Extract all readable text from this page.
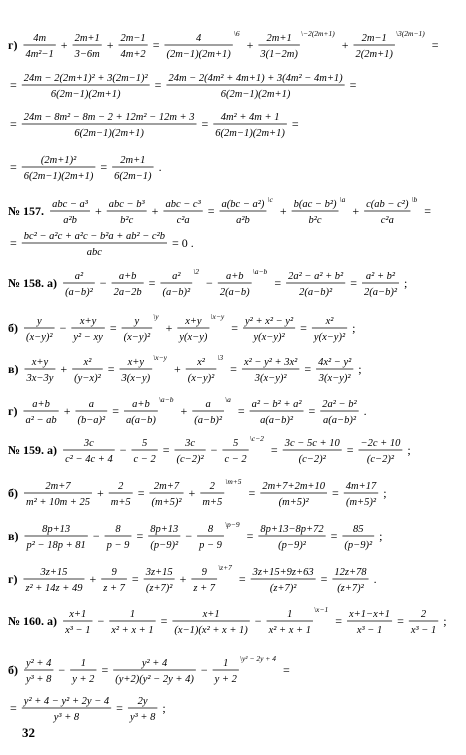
г) 4m
4m²−1
+ 2m+1
3−6m
+ 2m−1
4m+2
=	4
(2m−1)(2m+1)
\6
+ 2m+1
3(1−2m)
\−2(2m+1)
+ 2m−1
2(2m+1)
\3(2m−1)
=
= 24m − 2(2m+1)² + 3(2m−1)²
6(2m−1)(2m+1)
= 24m − 2(4m² + 4m+1) + 3(4m² − 4m+1)
6(2m−1)(2m+1)
=
= 24m − 8m² − 8m − 2 + 12m² − 12m + 3
6(2m−1)(2m+1)
= 4m² + 4m + 1
6(2m−1)(2m+1)
=
= (2m+1)²
6(2m−1)(2m+1)
= 2m+1
6(2m−1)
.
№ 157. abc − a³
a²b
+ abc − b³
b²c
+ abc − c³
c²a
= a(bc − a²)
a²b
\c
+ b(ac − b²)
b²c
\a
+ c(ab − c²)
c²a
\b
=
= bc² − a²c + a²c − b²a + ab² − c²b
abc
= 0 .
№ 158. а) a²
(a−b)²
− a+b
2a−2b
= a²
(a−b)²
\2
− a+b
2(a−b)
\a−b
= 2a² − a² + b²
2(a−b)²
= a² + b²
2(a−b)²
;
б) y
(x−y)²
− x+y
y² − xy
= y
(x−y)²
\y
+ x+y
y(x−y)
\x−y
= y² + x² − y²
y(x−y)²
= x²
y(x−y)²
;
в) x+y
3x−3y
+ x²
(y−x)²
= x+y
3(x−y)
\x−y
+ x²
(x−y)²
\3
= x² − y² + 3x²
3(x−y)²
= 4x² − y²
3(x−y)²
;
г) a+b
a² − ab
+ a
(b−a)²
= a+b
a(a−b)
\a−b
+ a
(a−b)²
\a
= a² − b² + a²
a(a−b)²
= 2a² − b²
a(a−b)²
.
№ 159. а)	3c
c² − 4c + 4
− 5
c − 2
= 3c
(c−2)²
− 5
c − 2
\c−2
= 3c − 5c + 10
(c−2)²
= −2c + 10
(c−2)²
;
б)	2m+7
m² + 10m + 25
+ 2
m+5
= 2m+7
(m+5)²
+ 2
m+5
\m+5
= 2m+7+2m+10
(m+5)²
= 4m+17
(m+5)²
;
в) 8p+13
p² − 18p + 81
− 8
p − 9
= 8p+13
(p−9)²
− 8
p − 9
\p−9
= 8p+13−8p+72
(p−9)²
= 85
(p−9)²
;
г) 3z+15
z² + 14z + 49
+ 9
z + 7
= 3z+15
(z+7)²
+ 9
z + 7
\z+7
= 3z+15+9z+63
(z+7)²
= 12z+78
(z+7)²
.
№ 160. а) x+1
x³ − 1
− 1
x² + x + 1
=	x+1
(x−1)(x² + x + 1)
− 1
x² + x + 1
\x−1
= x+1−x+1
x³ − 1
= 2
x³ − 1
;
б) y² + 4
y³ + 8
− 1
y + 2
=	y² + 4
(y+2)(y² − 2y + 4)
− 1
y + 2
\y² − 2y + 4
=
= y² + 4 − y² + 2y − 4
y³ + 8
= 2y
y³ + 8
;
32
